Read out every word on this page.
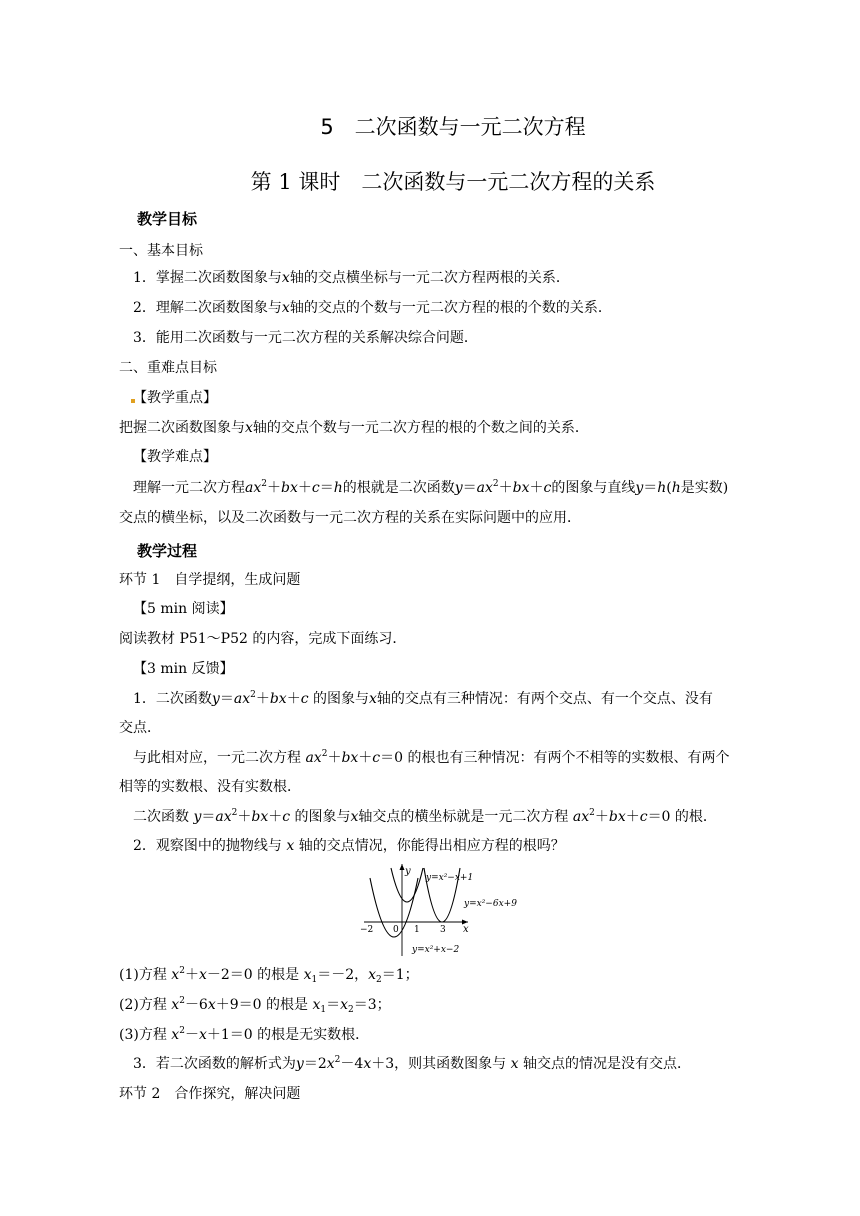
5　二次函数与一元二次方程
第 1 课时　二次函数与一元二次方程的关系
教学目标
一、基本目标
1．掌握二次函数图象与x轴的交点横坐标与一元二次方程两根的关系．
2．理解二次函数图象与x轴的交点的个数与一元二次方程的根的个数的关系．
3．能用二次函数与一元二次方程的关系解决综合问题．
二、重难点目标
【教学重点】
把握二次函数图象与x轴的交点个数与一元二次方程的根的个数之间的关系．
【教学难点】
理解一元二次方程$ax^2+bx+c=h$的根就是二次函数$y=ax^2+bx+c$的图象与直线y＝h(h是实数)
交点的横坐标，以及二次函数与一元二次方程的关系在实际问题中的应用．
教学过程
环节 1　自学提纲，生成问题
【5 min 阅读】
阅读教材 P51～P52 的内容，完成下面练习．
【3 min 反馈】
1．二次函数$y=ax^2+bx+c$ 的图象与x轴的交点有三种情况：有两个交点、有一个交点、没有
交点．
与此相对应，一元二次方程 $ax^2+bx+c=0$ 的根也有三种情况：有两个不相等的实数根、有两个
相等的实数根、没有实数根．
二次函数 $y=ax^2+bx+c$ 的图象与x轴交点的横坐标就是一元二次方程 $ax^2+bx+c=0$ 的根．
2．观察图中的抛物线与 x 轴的交点情况，你能得出相应方程的根吗？
y
x
−2 0 1 3
y=x²−x+1
y=x²−6x+9
y=x²+x−2
(1)方程 $x^2+x-2=0$ 的根是 $x_1=-2$，$x_2=1$；
(2)方程 $x^2-6x+9=0$ 的根是 $x_1=x_2=3$；
(3)方程 $x^2-x+1=0$ 的根是无实数根．
3．若二次函数的解析式为$y=2x^2-4x+3$，则其函数图象与 x 轴交点的情况是没有交点．
环节 2　合作探究，解决问题
